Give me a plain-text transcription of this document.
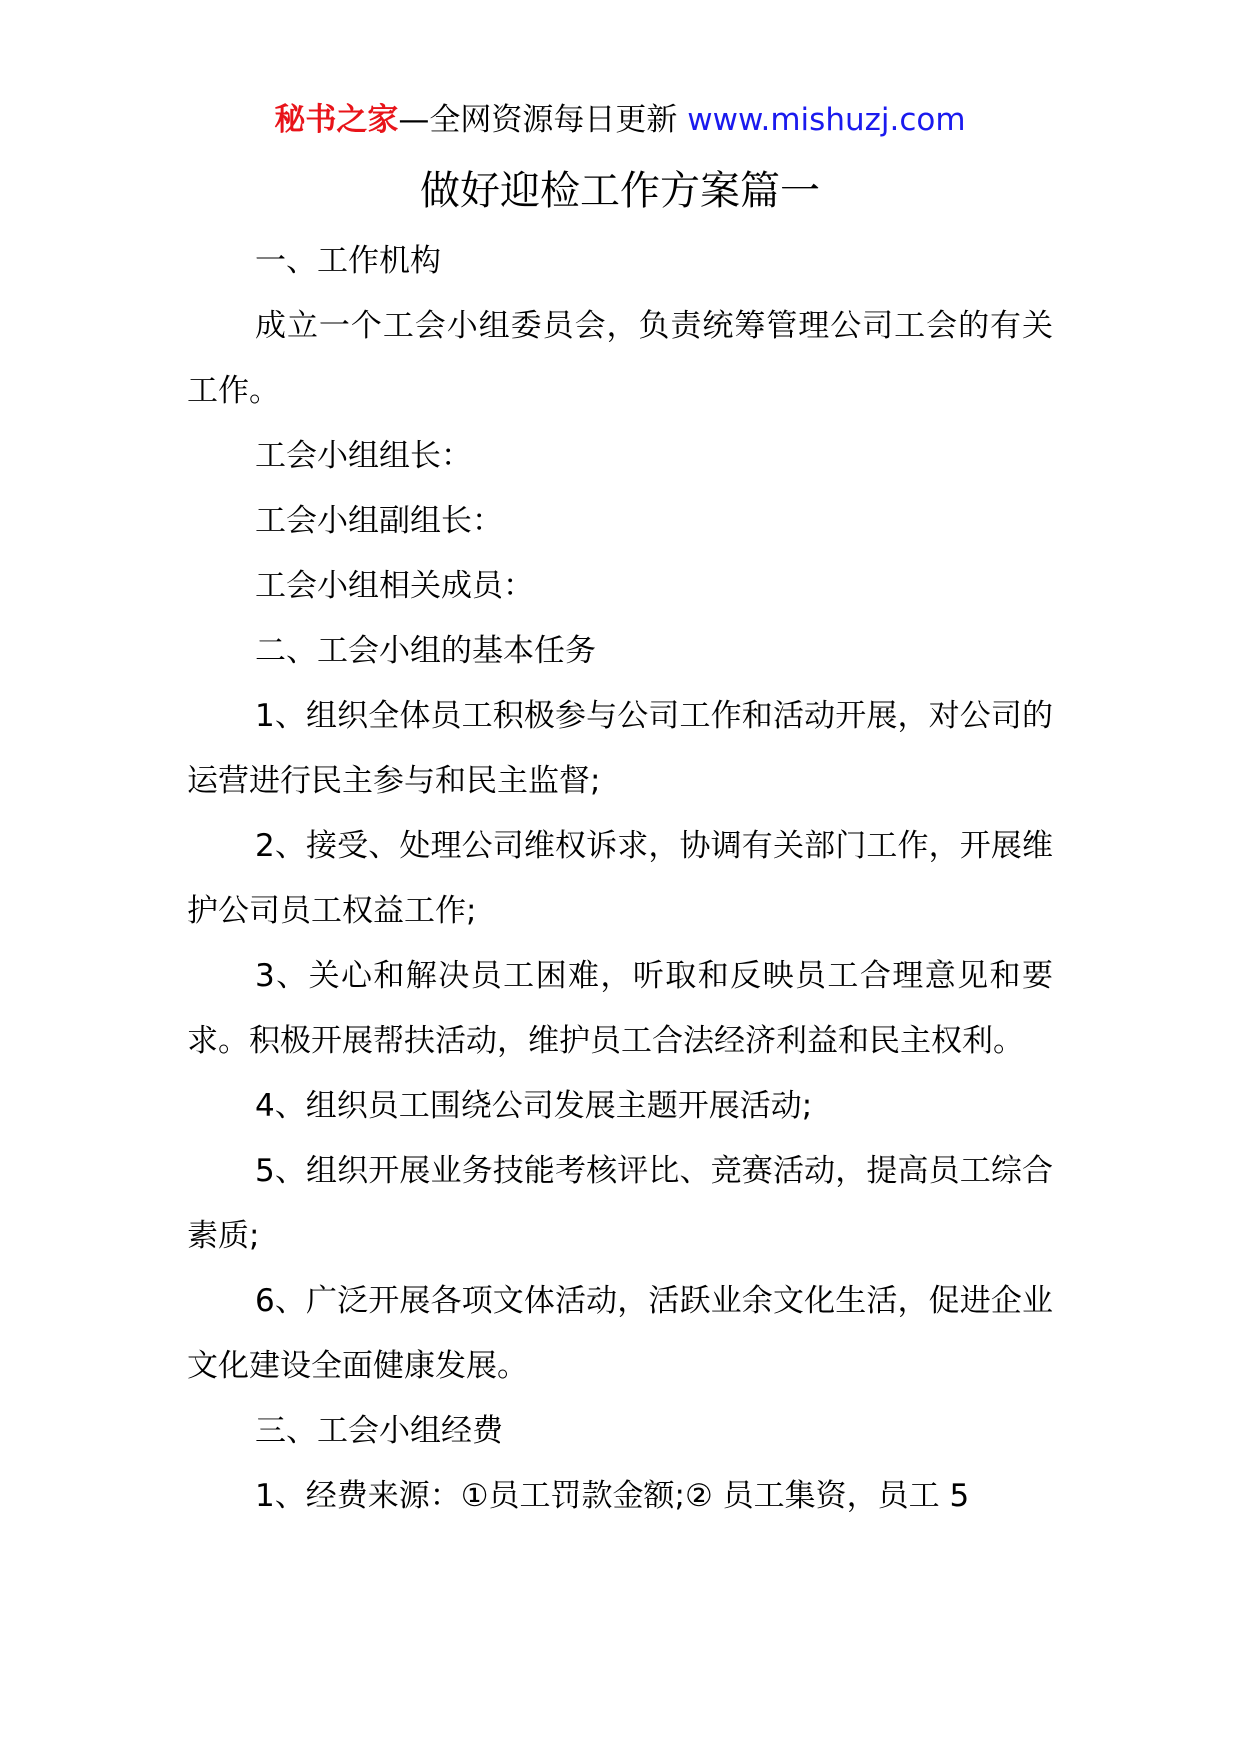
秘书之家—全网资源每日更新 www.mishuzj.com
做好迎检工作方案篇一

一、工作机构

成立一个工会小组委员会，负责统筹管理公司工会的有关工作。

工会小组组长：

工会小组副组长：

工会小组相关成员：

二、工会小组的基本任务

1、组织全体员工积极参与公司工作和活动开展，对公司的运营进行民主参与和民主监督;

2、接受、处理公司维权诉求，协调有关部门工作，开展维护公司员工权益工作;

3、关心和解决员工困难，听取和反映员工合理意见和要求。积极开展帮扶活动，维护员工合法经济利益和民主权利。

4、组织员工围绕公司发展主题开展活动;

5、组织开展业务技能考核评比、竞赛活动，提高员工综合素质;

6、广泛开展各项文体活动，活跃业余文化生活，促进企业文化建设全面健康发展。

三、工会小组经费

1、经费来源：①员工罚款金额;② 员工集资，员工 5
